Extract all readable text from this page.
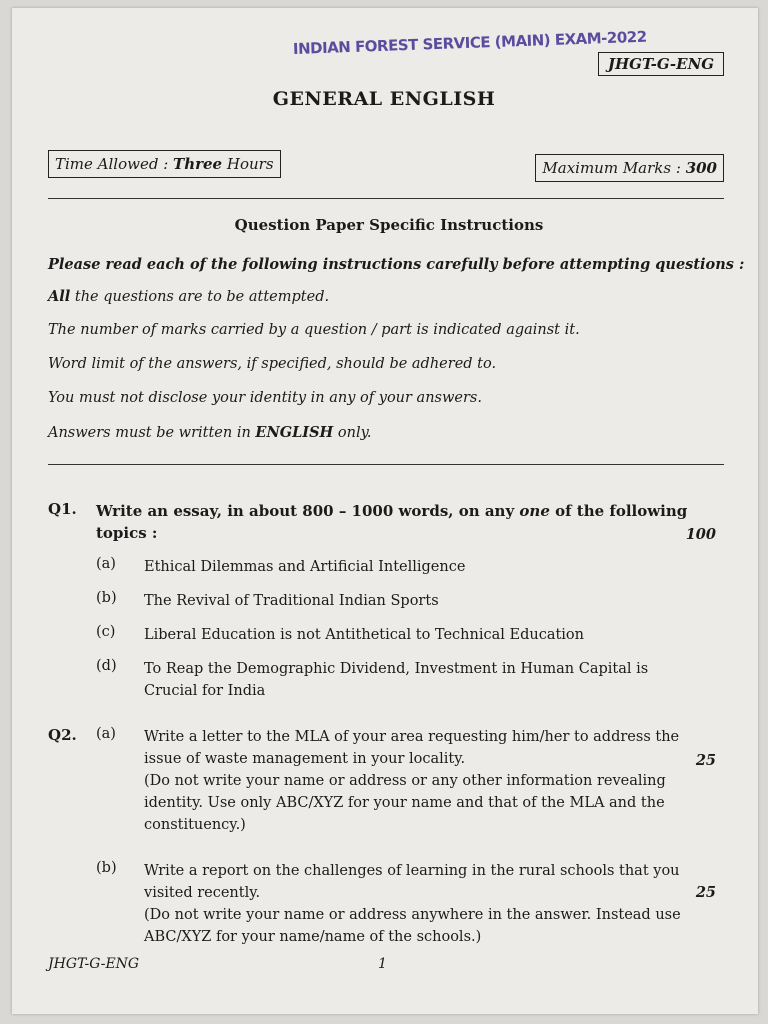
INDIAN FOREST SERVICE (MAIN) EXAM-2022
JHGT-G-ENG
GENERAL ENGLISH
Time Allowed : Three Hours	Maximum Marks : 300
Question Paper Specific Instructions
Please read each of the following instructions carefully before attempting questions :
All the questions are to be attempted.
The number of marks carried by a question / part is indicated against it.
Word limit of the answers, if specified, should be adhered to.
You must not disclose your identity in any of your answers.
Answers must be written in ENGLISH only.
Q1. Write an essay, in about 800 – 1000 words, on any one of the following
topics :	100
(a) Ethical Dilemmas and Artificial Intelligence
(b) The Revival of Traditional Indian Sports
(c) Liberal Education is not Antithetical to Technical Education
(d) To Reap the Demographic Dividend, Investment in Human Capital is Crucial for India
Q2. (a) Write a letter to the MLA of your area requesting him/her to address the issue of waste management in your locality.
(Do not write your name or address or any other information revealing identity. Use only ABC/XYZ for your name and that of the MLA and the constituency.)
25
(b) Write a report on the challenges of learning in the rural schools that you visited recently.
(Do not write your name or address anywhere in the answer. Instead use ABC/XYZ for your name/name of the schools.)
25
JHGT-G-ENG	1
